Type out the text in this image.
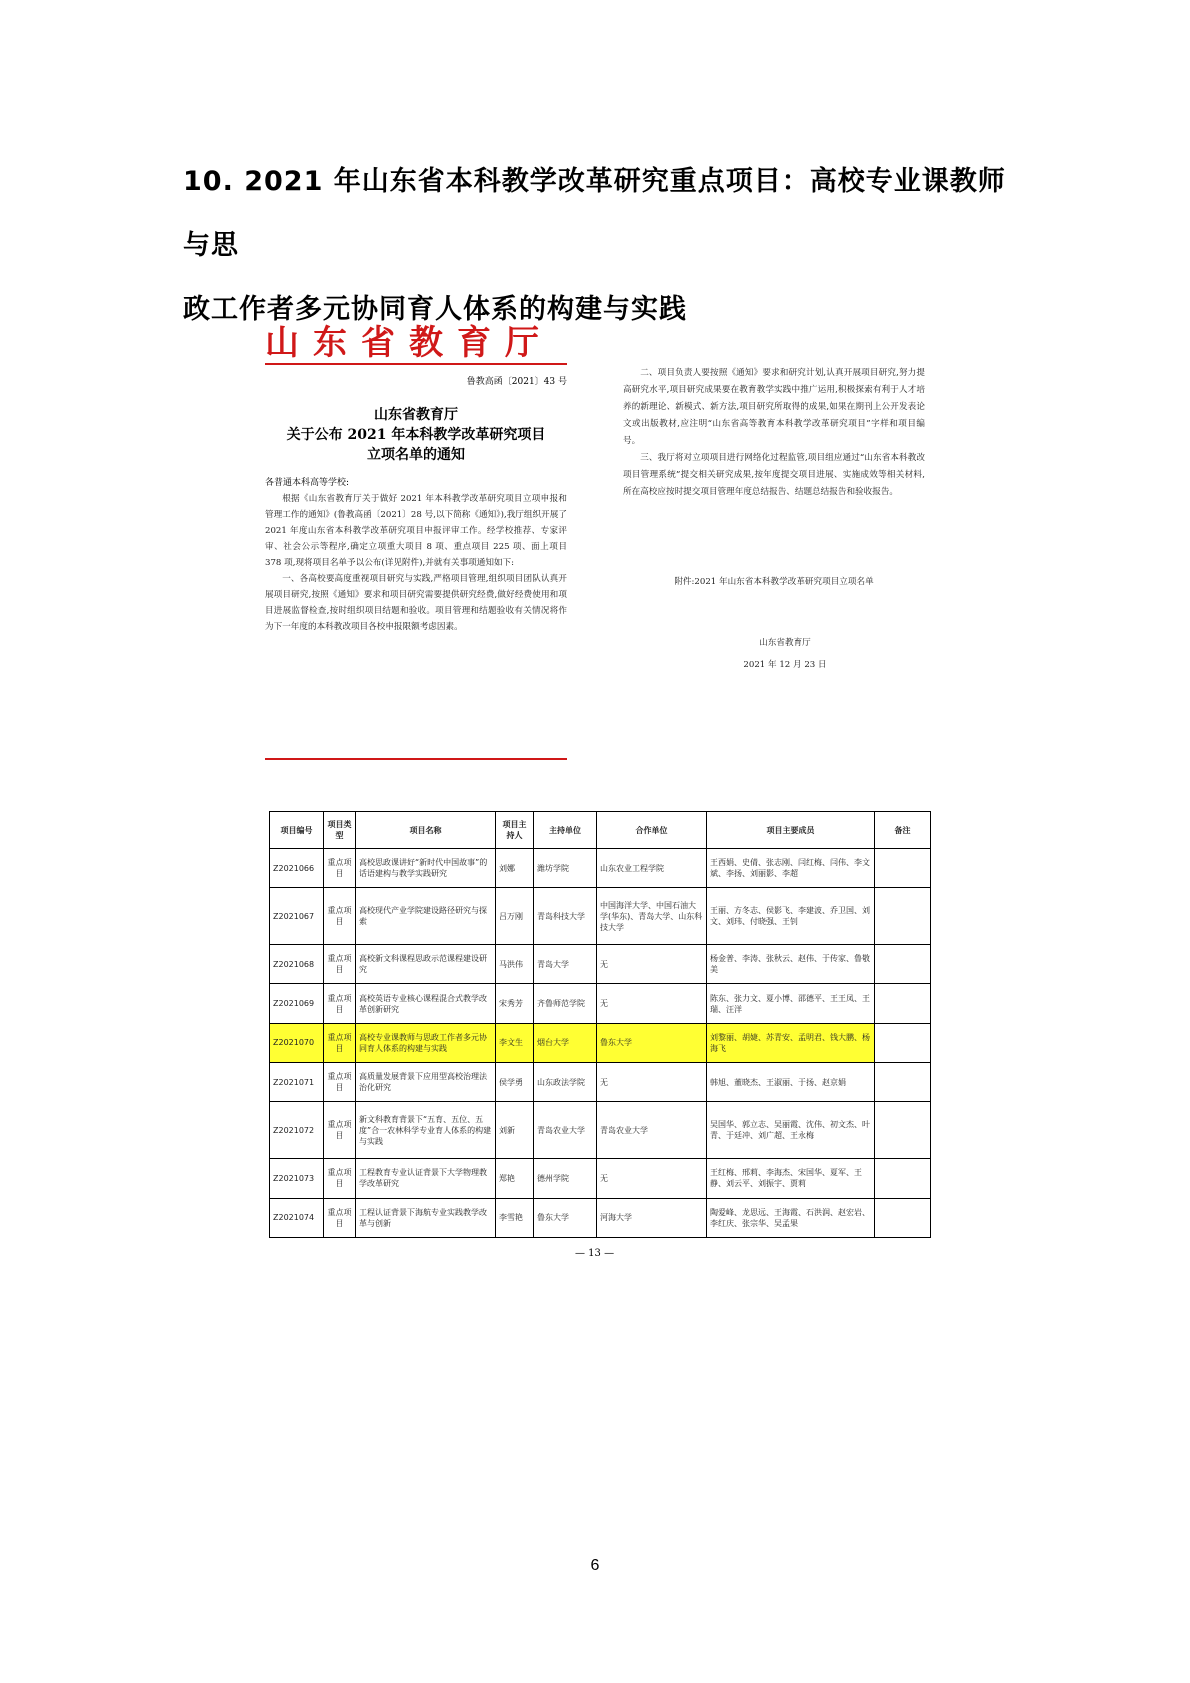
10. 2021 年山东省本科教学改革研究重点项目：高校专业课教师与思
政工作者多元协同育人体系的构建与实践
山东省教育厅
鲁教高函〔2021〕43 号
山东省教育厅
关于公布 2021 年本科教学改革研究项目
立项名单的通知
各普通本科高等学校:

根据《山东省教育厅关于做好 2021 年本科教学改革研究项目立项申报和管理工作的通知》(鲁教高函〔2021〕28 号,以下简称《通知》),我厅组织开展了 2021 年度山东省本科教学改革研究项目申报评审工作。经学校推荐、专家评审、社会公示等程序,确定立项重大项目 8 项、重点项目 225 项、面上项目 378 项,现将项目名单予以公布(详见附件),并就有关事项通知如下:

一、各高校要高度重视项目研究与实践,严格项目管理,组织项目团队认真开展项目研究,按照《通知》要求和项目研究需要提供研究经费,做好经费使用和项目进展监督检查,按时组织项目结题和验收。项目管理和结题验收有关情况将作为下一年度的本科教改项目各校申报限额考虑因素。

二、项目负责人要按照《通知》要求和研究计划,认真开展项目研究,努力提高研究水平,项目研究成果要在教育教学实践中推广运用,积极探索有利于人才培养的新理论、新模式、新方法,项目研究所取得的成果,如果在期刊上公开发表论文或出版教材,应注明“山东省高等教育本科教学改革研究项目”字样和项目编号。

三、我厅将对立项项目进行网络化过程监管,项目组应通过“山东省本科教改项目管理系统”提交相关研究成果,按年度提交项目进展、实施成效等相关材料,所在高校应按时提交项目管理年度总结报告、结题总结报告和验收报告。

附件:2021 年山东省本科教学改革研究项目立项名单
山东省教育厅
2021 年 12 月 23 日
项目编号	项目类型	项目名称	项目主持人	主持单位	合作单位	项目主要成员	备注
Z2021066	重点项目	高校思政课讲好“新时代中国故事”的话语建构与教学实践研究	刘娜	潍坊学院	山东农业工程学院	王西娟、史倩、张志刚、闫红梅、闫伟、李文斌、李扬、刘丽影、李超	
Z2021067	重点项目	高校现代产业学院建设路径研究与探索	吕万刚	青岛科技大学	中国海洋大学、中国石油大学(华东)、青岛大学、山东科技大学	王丽、方冬志、侯影飞、李建波、乔卫国、刘文、刘玮、付晓强、王钊	
Z2021068	重点项目	高校新文科课程思政示范课程建设研究	马洪伟	青岛大学	无	杨金普、李涛、张秋云、赵伟、于传家、鲁敬美	
Z2021069	重点项目	高校英语专业核心课程混合式教学改革创新研究	宋秀芳	齐鲁师范学院	无	陈东、张力文、夏小博、邵德平、王王凤、王瑞、汪洋	
Z2021070	重点项目	高校专业课教师与思政工作者多元协同育人体系的构建与实践	李文生	烟台大学	鲁东大学	刘黎丽、胡婕、苏青安、孟明君、钱大鹏、杨海飞	
Z2021071	重点项目	高质量发展背景下应用型高校治理法治化研究	侯学勇	山东政法学院	无	韩旭、董晓杰、王淑丽、于扬、赵京娟	
Z2021072	重点项目	新文科教育背景下“五育、五位、五度”合一农林科学专业育人体系的构建与实践	刘新	青岛农业大学	青岛农业大学	吴国华、郭立志、吴丽霞、沈伟、初文杰、叶青、于廷冲、刘广超、王永梅	
Z2021073	重点项目	工程教育专业认证背景下大学物理教学改革研究	郑艳	德州学院	无	王红梅、邢莉、李海杰、宋国华、夏军、王静、刘云平、刘振宇、贾莉	
Z2021074	重点项目	工程认证背景下海航专业实践教学改革与创新	李雪艳	鲁东大学	河海大学	陶爱峰、龙思远、王海霞、石洪润、赵宏岩、李红庆、张宗华、吴孟果	
— 13 —
6
